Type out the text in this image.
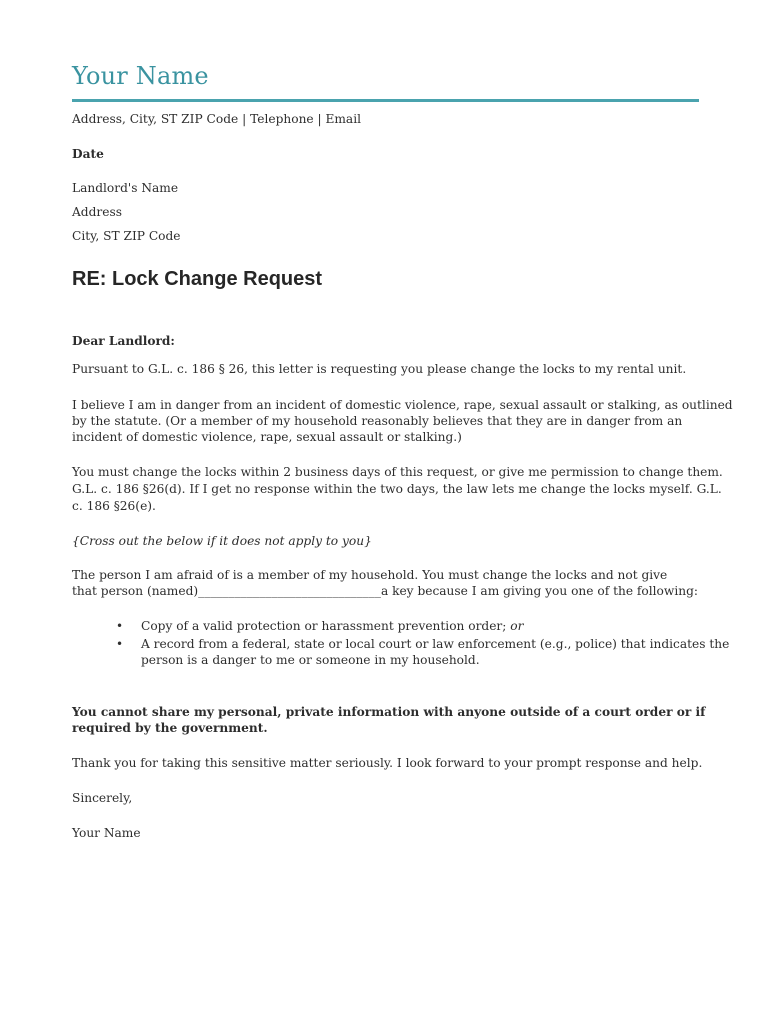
Your Name
Address, City, ST ZIP Code | Telephone | Email
Date
Landlord's Name
Address
City, ST ZIP Code
RE: Lock Change Request
Dear Landlord:
Pursuant to G.L. c. 186 § 26, this letter is requesting you please change the locks to my rental unit.
I believe I am in danger from an incident of domestic violence, rape, sexual assault or stalking, as outlined
by the statute. (Or a member of my household reasonably believes that they are in danger from an
incident of domestic violence, rape, sexual assault or stalking.)
You must change the locks within 2 business days of this request, or give me permission to change them.
G.L. c. 186 §26(d). If I get no response within the two days, the law lets me change the locks myself. G.L.
c. 186 §26(e).
{Cross out the below if it does not apply to you}
The person I am afraid of is a member of my household. You must change the locks and not give
that person (named)______________________________a key because I am giving you one of the following:
• Copy of a valid protection or harassment prevention order; or
• A record from a federal, state or local court or law enforcement (e.g., police) that indicates the
person is a danger to me or someone in my household.
You cannot share my personal, private information with anyone outside of a court order or if
required by the government.
Thank you for taking this sensitive matter seriously. I look forward to your prompt response and help.
Sincerely,
Your Name
